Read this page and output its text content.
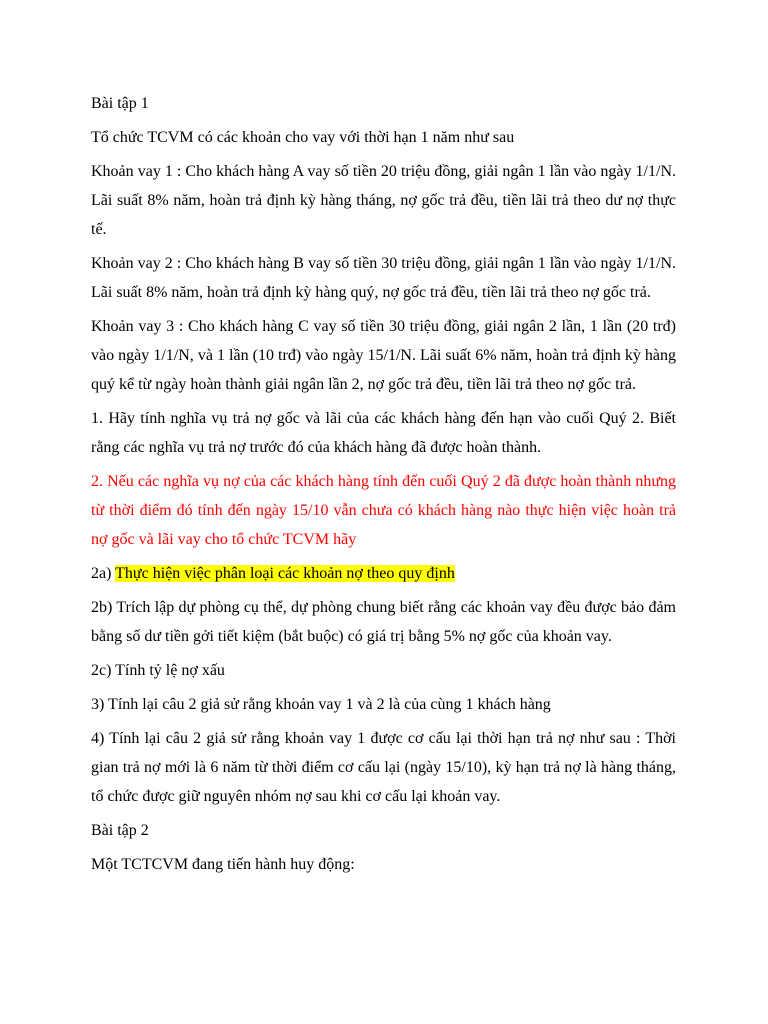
Bài tập 1

Tổ chức TCVM có các khoản cho vay với thời hạn 1 năm như sau

Khoản vay 1 : Cho khách hàng A vay số tiền 20 triệu đồng, giải ngân 1 lần vào ngày 1/1/N. Lãi suất 8% năm, hoàn trả định kỳ hàng tháng, nợ gốc trả đều, tiền lãi trả theo dư nợ thực tế.

Khoản vay 2 : Cho khách hàng B vay số tiền 30 triệu đồng, giải ngân 1 lần vào ngày 1/1/N. Lãi suất 8% năm, hoàn trả định kỳ hàng quý, nợ gốc trả đều, tiền lãi trả theo nợ gốc trả.

Khoản vay 3 : Cho khách hàng C vay số tiền 30 triệu đồng, giải ngân 2 lần, 1 lần (20 trđ) vào ngày 1/1/N, và 1 lần (10 trđ) vào ngày 15/1/N. Lãi suất 6% năm, hoàn trả định kỳ hàng quý kể từ ngày hoàn thành giải ngân lần 2, nợ gốc trả đều, tiền lãi trả theo nợ gốc trả.

1. Hãy tính nghĩa vụ trả nợ gốc và lãi của các khách hàng đến hạn vào cuối Quý 2. Biết rằng các nghĩa vụ trả nợ trước đó của khách hàng đã được hoàn thành.

2. Nếu các nghĩa vụ nợ của các khách hàng tính đến cuối Quý 2 đã được hoàn thành nhưng từ thời điểm đó tính đến ngày 15/10 vẫn chưa có khách hàng nào thực hiện việc hoàn trả nợ gốc và lãi vay cho tổ chức TCVM hãy

2a) Thực hiện việc phân loại các khoản nợ theo quy định

2b) Trích lập dự phòng cụ thể, dự phòng chung biết rằng các khoản vay đều được bảo đảm bằng số dư tiền gởi tiết kiệm (bắt buộc) có giá trị bằng 5% nợ gốc của khoản vay.

2c) Tính tỷ lệ nợ xấu

3) Tính lại câu 2 giả sử rằng khoản vay 1 và 2 là của cùng 1 khách hàng

4) Tính lại câu 2 giả sử rằng khoản vay 1 được cơ cấu lại thời hạn trả nợ như sau : Thời gian trả nợ mới là 6 năm từ thời điểm cơ cấu lại (ngày 15/10), kỳ hạn trả nợ là hàng tháng, tổ chức được giữ nguyên nhóm nợ sau khi cơ cấu lại khoản vay.

Bài tập 2

Một TCTCVM đang tiến hành huy động:
